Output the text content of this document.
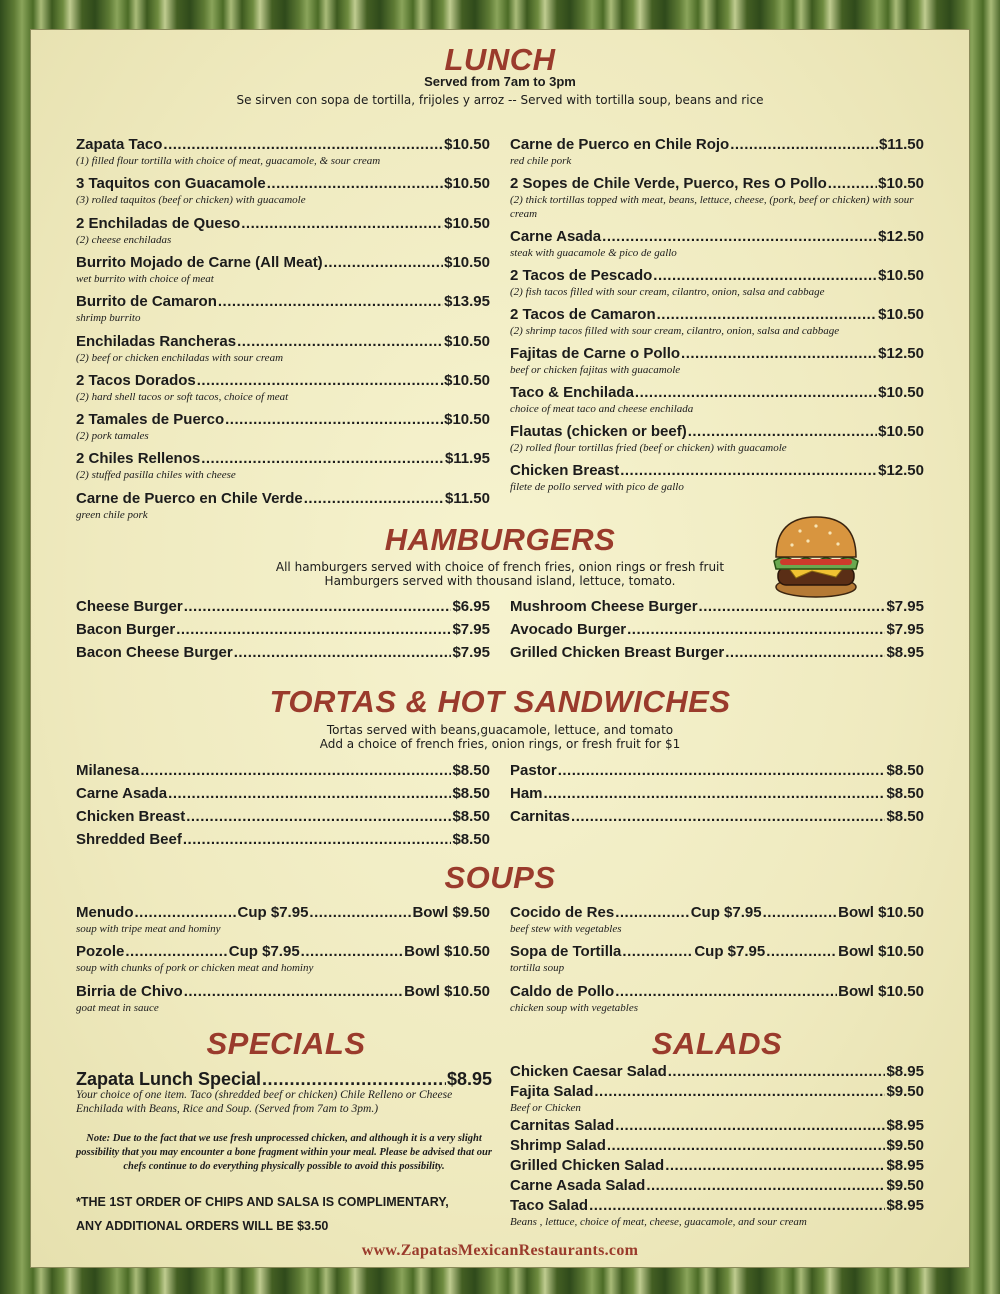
LUNCH
Served from 7am to 3pm
Se sirven con sopa de tortilla, frijoles y arroz -- Served with tortilla soup, beans and rice
Zapata Taco .....	$10.50
(1) filled flour tortilla with choice of meat, guacamole, & sour cream
3 Taquitos con Guacamole .....	$10.50
(3) rolled taquitos (beef or chicken) with guacamole
2 Enchiladas de Queso .....	$10.50
(2) cheese enchiladas
Burrito Mojado de Carne (All Meat) .....	$10.50
wet burrito with choice of meat
Burrito de Camaron .....	$13.95
shrimp burrito
Enchiladas Rancheras .....	$10.50
(2) beef or chicken enchiladas with sour cream
2 Tacos Dorados .....	.$10.50
(2) hard shell tacos or soft tacos, choice of meat
2 Tamales de Puerco .....	$10.50
(2) pork tamales
2 Chiles Rellenos .....	$11.95
(2) stuffed pasilla chiles with cheese
Carne de Puerco en Chile Verde .....	$11.50
green chile pork
Carne de Puerco en Chile Rojo .....	$11.50
red chile pork
2 Sopes de Chile Verde, Puerco, Res O Pollo .....	$10.50
(2) thick tortillas topped with meat, beans, lettuce, cheese, (pork, beef or chicken) with sour cream
Carne Asada .....	$12.50
steak with guacamole & pico de gallo
2 Tacos de Pescado .....	$10.50
(2) fish tacos filled with sour cream, cilantro, onion, salsa and cabbage
2 Tacos de Camaron .....	$10.50
(2) shrimp tacos filled with sour cream, cilantro, onion, salsa and cabbage
Fajitas de Carne o Pollo .....	$12.50
beef or chicken fajitas with guacamole
Taco & Enchilada .....	$10.50
choice of meat taco and cheese enchilada
Flautas (chicken or beef) .....	$10.50
(2) rolled flour tortillas fried (beef or chicken) with guacamole
Chicken Breast .....	$12.50
filete de pollo served with pico de gallo
HAMBURGERS
All hamburgers served with choice of french fries, onion rings or fresh fruit
Hamburgers served with thousand island, lettuce, tomato.
Cheese Burger .....	$6.95
Bacon Burger .....	$7.95
Bacon Cheese Burger .....	$7.95
Mushroom Cheese Burger .....	$7.95
Avocado Burger .....	$7.95
Grilled Chicken Breast Burger .....	$8.95
TORTAS & HOT SANDWICHES
Tortas served with beans,guacamole, lettuce, and tomato
Add a choice of french fries, onion rings, or fresh fruit for $1
Milanesa .....	$8.50
Carne Asada .....	$8.50
Chicken Breast .....	$8.50
Shredded Beef .....	$8.50
Pastor .....	$8.50
Ham .....	$8.50
Carnitas .....	$8.50
SOUPS
Menudo .....	Cup $7.95 .....	Bowl $9.50
soup with tripe meat and hominy
Pozole .....	Cup $7.95 .....	Bowl $10.50
soup with chunks of pork or chicken meat and hominy
Birria de Chivo .....	Bowl $10.50
goat meat in sauce
Cocido de Res .....	Cup $7.95 .....	Bowl $10.50
beef stew with vegetables
Sopa de Tortilla .....	Cup $7.95 .....	Bowl $10.50
tortilla soup
Caldo de Pollo .....	Bowl $10.50
chicken soup with vegetables
SPECIALS
Zapata Lunch Special .....	$8.95
Your choice of one item. Taco (shredded beef or chicken) Chile Relleno or Cheese Enchilada with Beans, Rice and Soup. (Served from 7am to 3pm.)
Note: Due to the fact that we use fresh unprocessed chicken, and although it is a very slight possibility that you may encounter a bone fragment within your meal. Please be advised that our chefs continue to do everything physically possible to avoid this possibility.
*THE 1ST ORDER OF CHIPS AND SALSA IS COMPLIMENTARY,
ANY ADDITIONAL ORDERS WILL BE $3.50
SALADS
Chicken Caesar Salad .....	$8.95
Fajita Salad .....	$9.50
Beef or Chicken
Carnitas Salad .....	$8.95
Shrimp Salad .....	$9.50
Grilled Chicken Salad .....	$8.95
Carne Asada Salad .....	$9.50
Taco Salad .....	$8.95
Beans , lettuce, choice of meat, cheese, guacamole, and sour cream
www.ZapatasMexicanRestaurants.com
